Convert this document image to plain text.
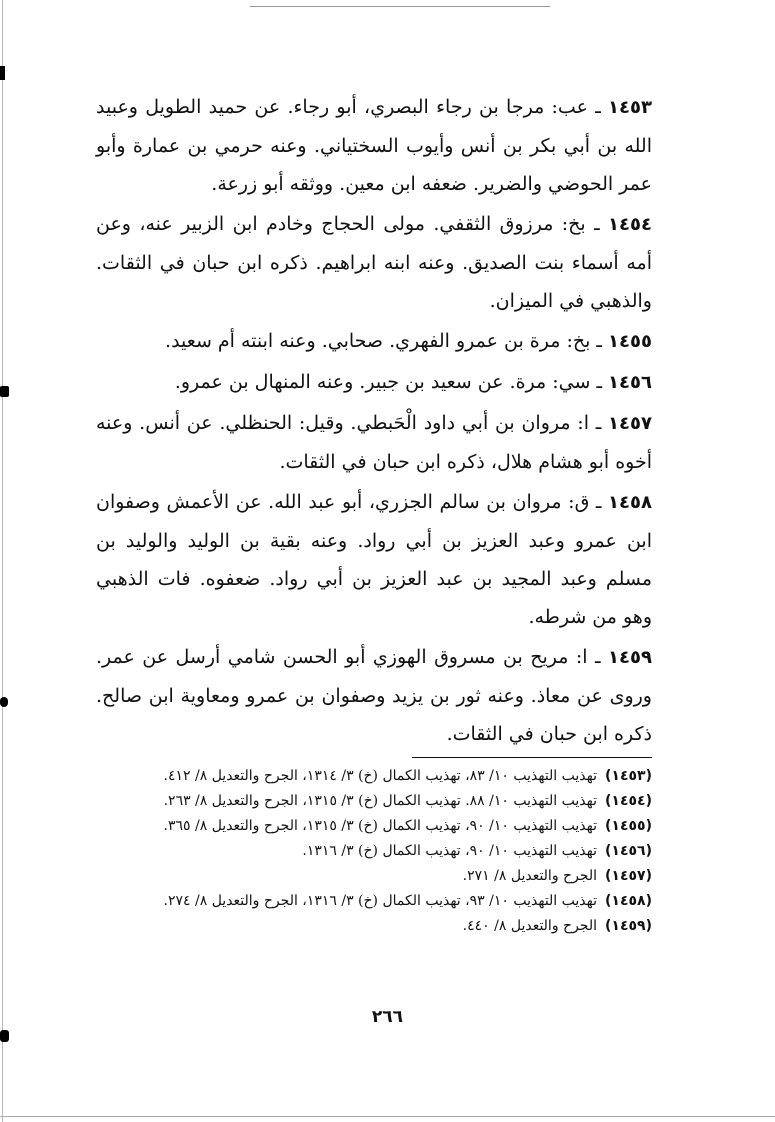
١٤٥٣ ـ عب: مرجا بن رجاء البصري، أبو رجاء. عن حميد الطويل وعبيد الله بن أبي بكر بن أنس وأيوب السختياني. وعنه حرمي بن عمارة وأبو عمر الحوضي والضرير. ضعفه ابن معين. ووثقه أبو زرعة.

١٤٥٤ ـ بخ: مرزوق الثقفي. مولى الحجاج وخادم ابن الزبير عنه، وعن أمه أسماء بنت الصديق. وعنه ابنه ابراهيم. ذكره ابن حبان في الثقات. والذهبي في الميزان.

١٤٥٥ ـ بخ: مرة بن عمرو الفهري. صحابي. وعنه ابنته أم سعيد.

١٤٥٦ ـ سي: مرة. عن سعيد بن جبير. وعنه المنهال بن عمرو.

١٤٥٧ ـ ا: مروان بن أبي داود الْحَبطي. وقيل: الحنظلي. عن أنس. وعنه أخوه أبو هشام هلال، ذكره ابن حبان في الثقات.

١٤٥٨ ـ ق: مروان بن سالم الجزري، أبو عبد الله. عن الأعمش وصفوان ابن عمرو وعبد العزيز بن أبي رواد. وعنه بقية بن الوليد والوليد بن مسلم وعبد المجيد بن عبد العزيز بن أبي رواد. ضعفوه. فات الذهبي وهو من شرطه.

١٤٥٩ ـ ا: مريح بن مسروق الهوزي أبو الحسن شامي أرسل عن عمر. وروى عن معاذ. وعنه ثور بن يزيد وصفوان بن عمرو ومعاوية ابن صالح. ذكره ابن حبان في الثقات.

(١٤٥٣)تهذيب التهذيب ١٠/ ٨٣، تهذيب الكمال (خ) ٣/ ١٣١٤، الجرح والتعديل ٨/ ٤١٢.
(١٤٥٤)تهذيب التهذيب ١٠/ ٨٨. تهذيب الكمال (خ) ٣/ ١٣١٥، الجرح والتعديل ٨/ ٢٦٣.
(١٤٥٥)تهذيب التهذيب ١٠/ ٩٠، تهذيب الكمال (خ) ٣/ ١٣١٥، الجرح والتعديل ٨/ ٣٦٥.
(١٤٥٦)تهذيب التهذيب ١٠/ ٩٠، تهذيب الكمال (خ) ٣/ ١٣١٦.
(١٤٥٧)الجرح والتعديل ٨/ ٢٧١.
(١٤٥٨)تهذيب التهذيب ١٠/ ٩٣، تهذيب الكمال (خ) ٣/ ١٣١٦، الجرح والتعديل ٨/ ٢٧٤.
(١٤٥٩)الجرح والتعديل ٨/ ٤٤٠.
٢٦٦
